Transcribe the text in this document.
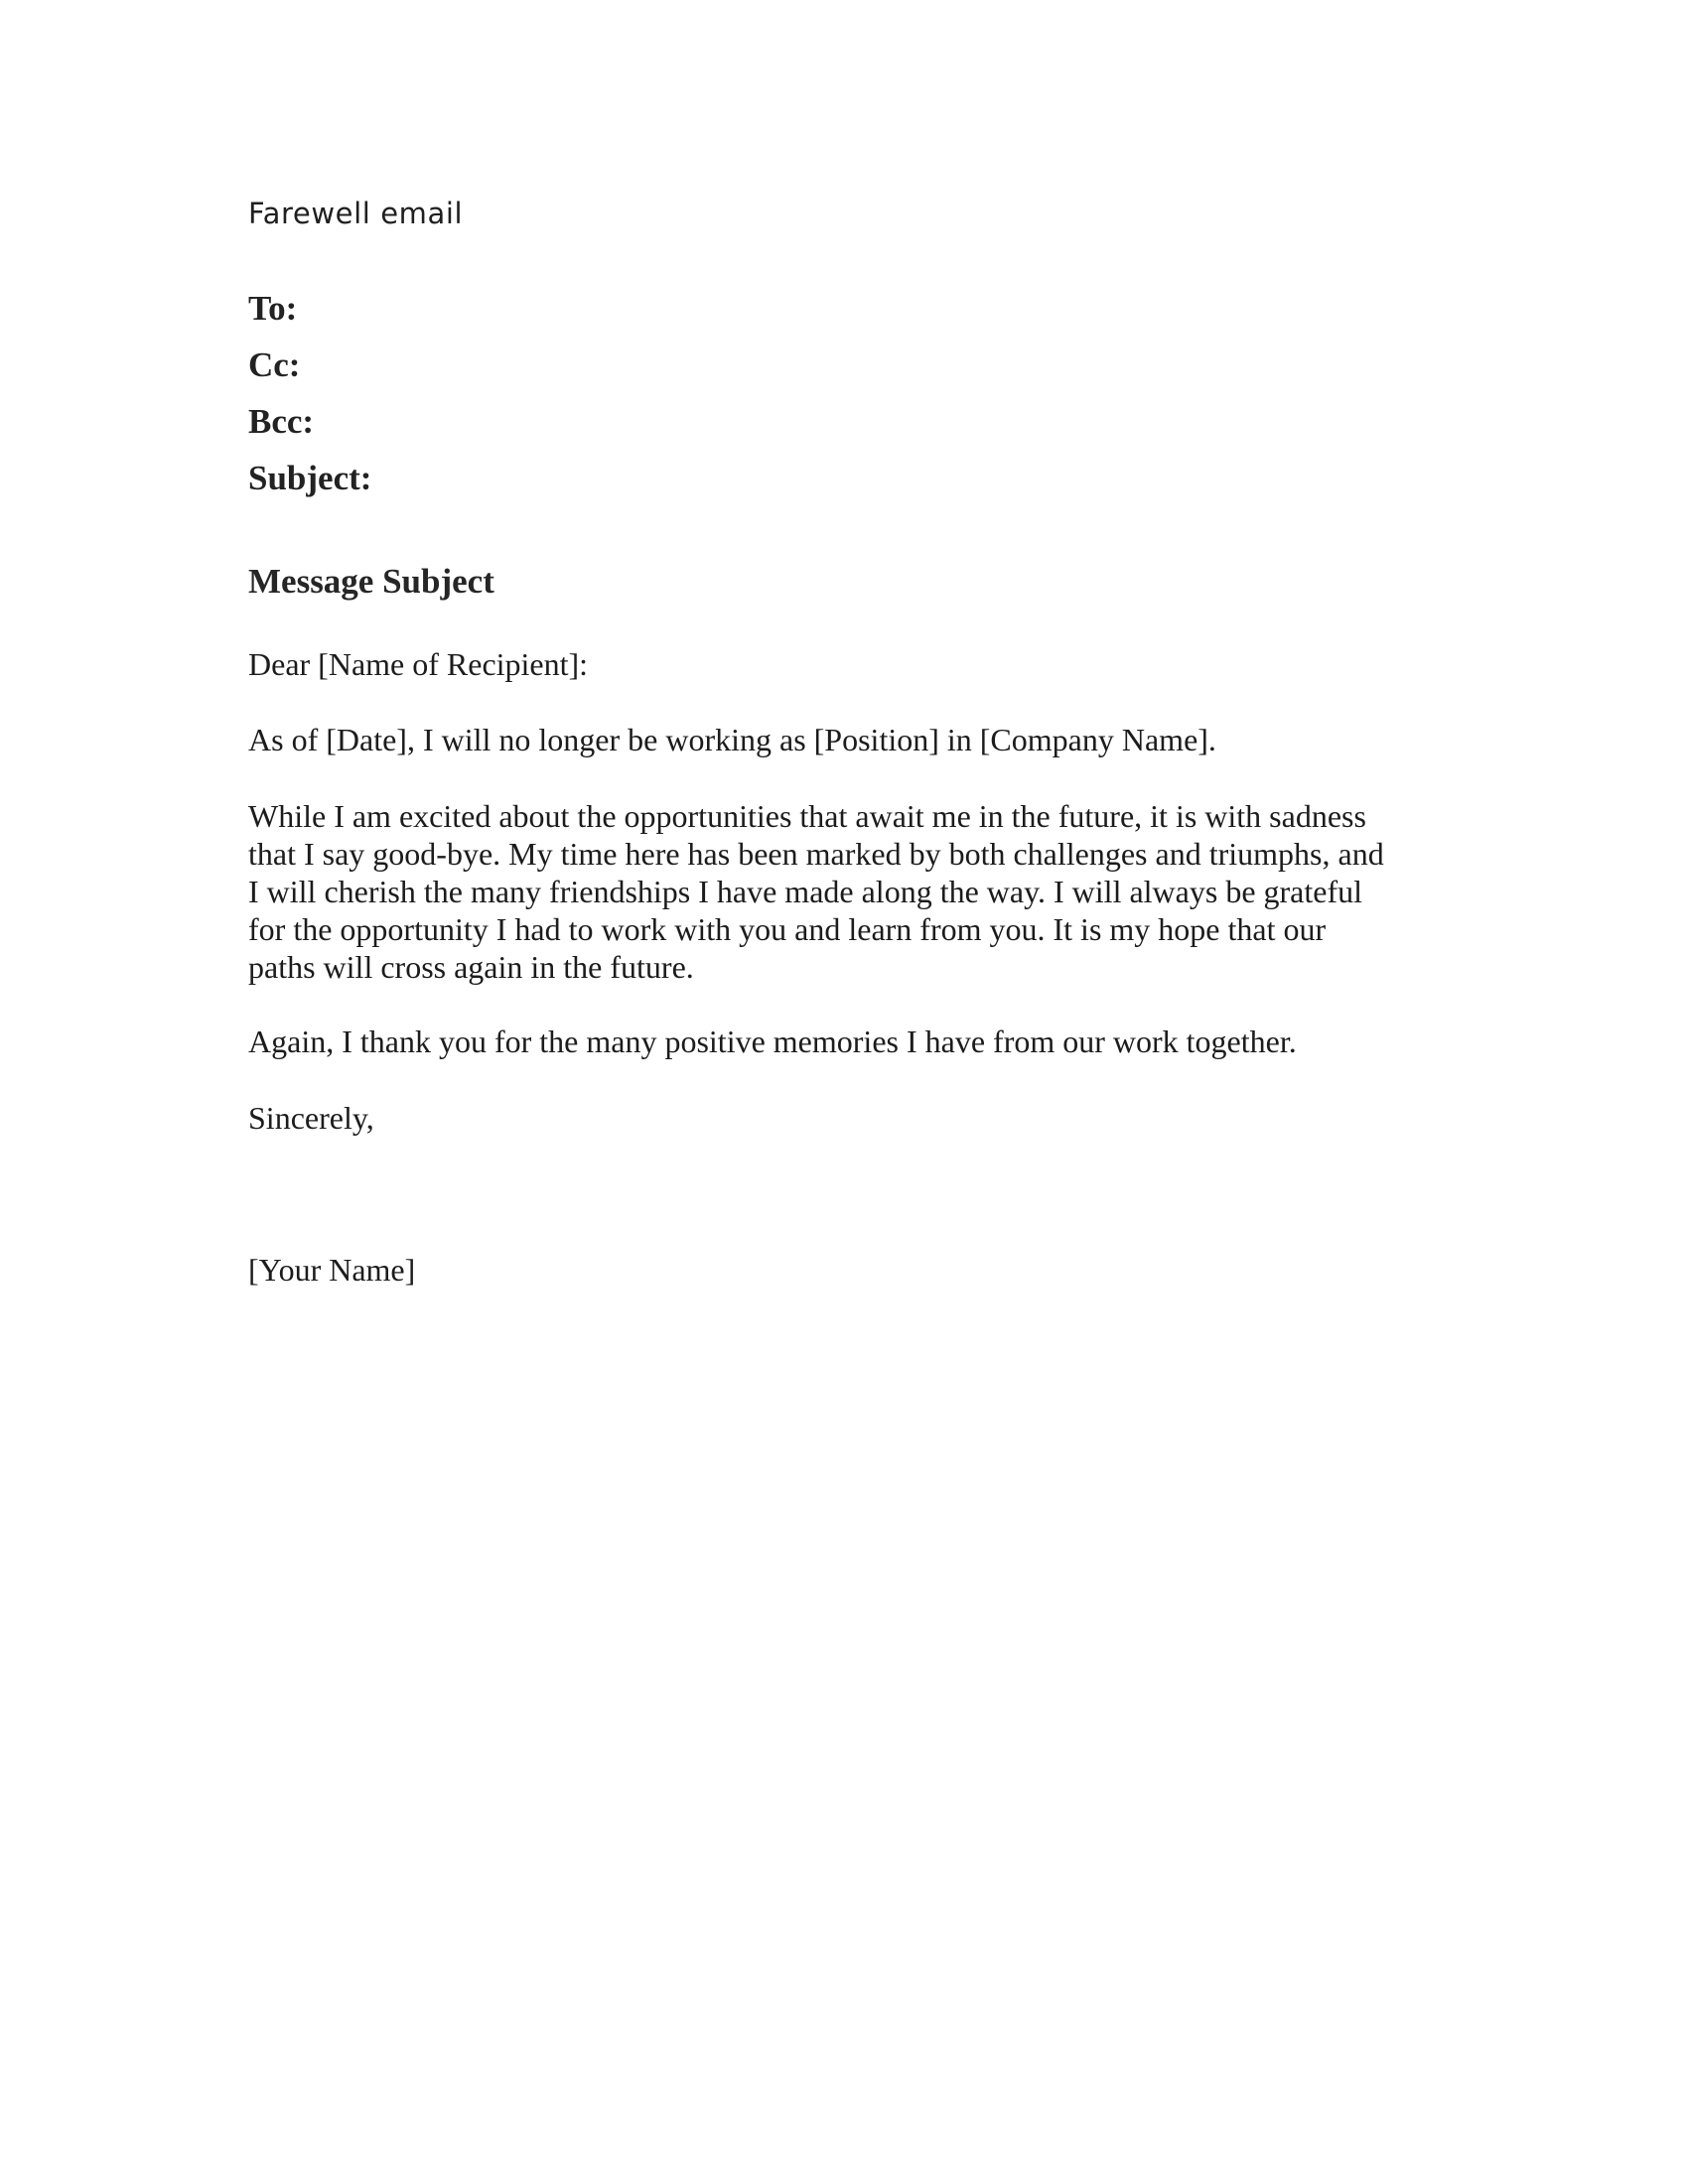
Farewell email
To:
Cc:
Bcc:
Subject:
Message Subject
Dear [Name of Recipient]:
As of [Date], I will no longer be working as [Position] in [Company Name].
While I am excited about the opportunities that await me in the future, it is with sadness
that I say good-bye. My time here has been marked by both challenges and triumphs, and
I will cherish the many friendships I have made along the way. I will always be grateful
for the opportunity I had to work with you and learn from you. It is my hope that our
paths will cross again in the future.
Again, I thank you for the many positive memories I have from our work together.
Sincerely,
[Your Name]
